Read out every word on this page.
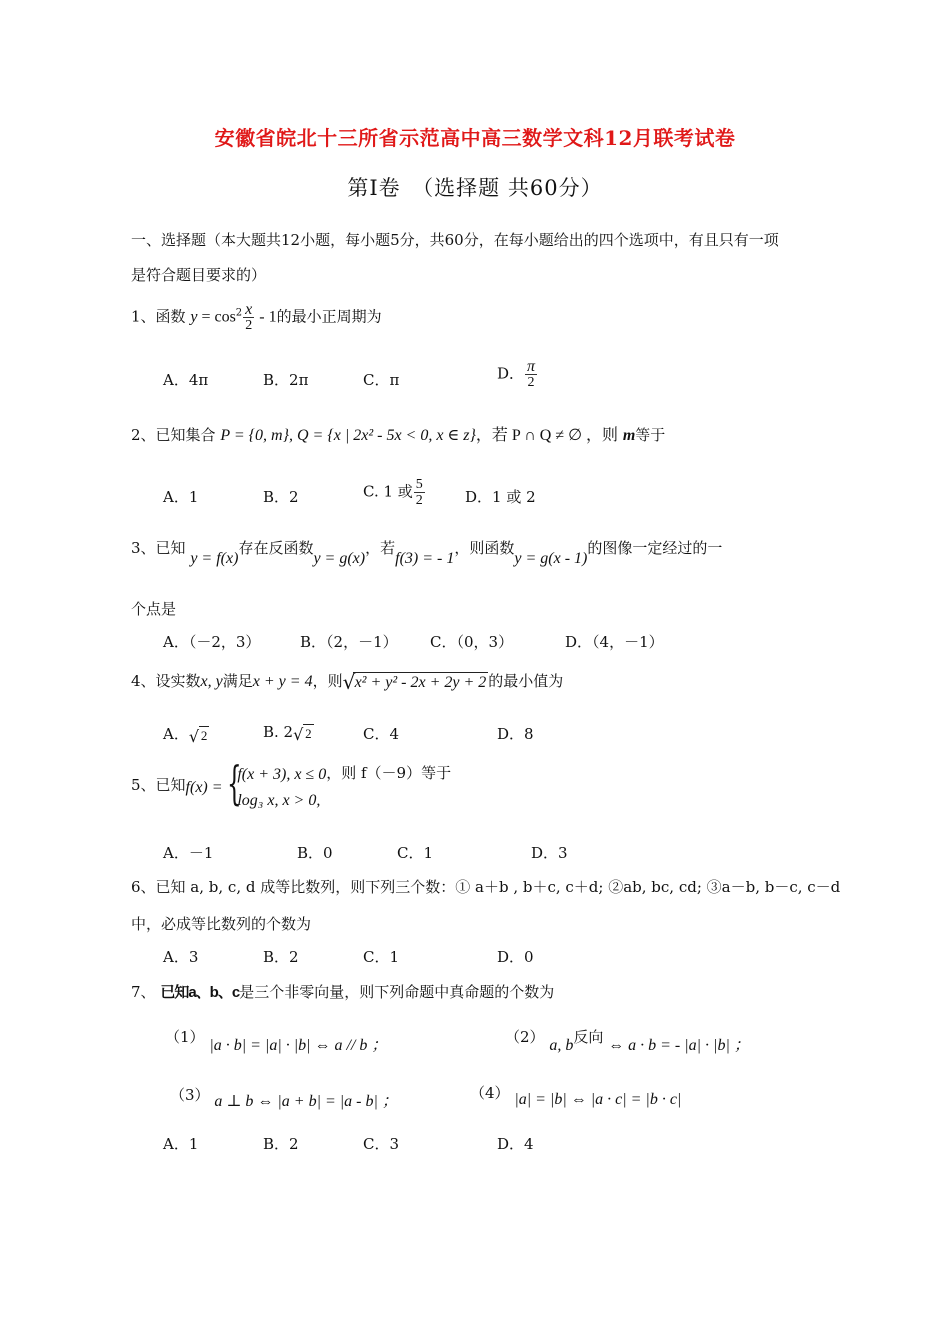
安徽省皖北十三所省示范高中高三数学文科12月联考试卷
第Ⅰ卷　（选择题 共60分）
一、选择题（本大题共12小题，每小题5分，共60分，在每小题给出的四个选项中，有且只有一项
是符合题目要求的）
1、函数 $y = \cos^2 \frac{x}{2} - 1$的最小正周期为
A．4π	B．2π	C．π	D． $\frac{\pi}{2}$
2、已知集合 P = {0, m}, Q = {x | 2x² - 5x < 0, x ∈ z}，若 P ∩ Q ≠ ∅ ，则 m等于
A．1	B．2	C. 1 或 $\frac{5}{2}$	D．1 或 2
3、已知 y = f(x)存在反函数y = g(x)，若f(3) = - 1，则函数y = g(x - 1)的图像一定经过的一
个点是
A．（－2，3）	B．（2，－1） C．（0，3）	D．（4，－1）
4、设实数x, y满足x + y = 4，则 √ x² + y² - 2x + 2y + 2 的最小值为
A． √ 2	B. 2 √ 2	C．4	D．8
5、已知f(x) = {
f(x + 3), x ≤ 0
log₃ x, x > 0,
，则 f（－9）等于
A．－1	B．0	C．1	D．3
6、已知 a, b, c, d 成等比数列，则下列三个数：① a＋b , b＋c, c＋d; ②ab, bc, cd; ③a－b, b－c, c－d
中，必成等比数列的个数为
A．3	B．2	C．1	D．0
7、 已知a、b、c是三个非零向量，则下列命题中真命题的个数为
（1） |a · b| = |a| · |b| ⇔ a // b ；	（2） a, b反向 ⇔ a · b = - |a| · |b| ；
（3） a ⊥ b ⇔ |a + b| = |a - b| ；	（4） |a| = |b| ⇔ |a · c| = |b · c|
A．1	B．2	C．3	D．4
